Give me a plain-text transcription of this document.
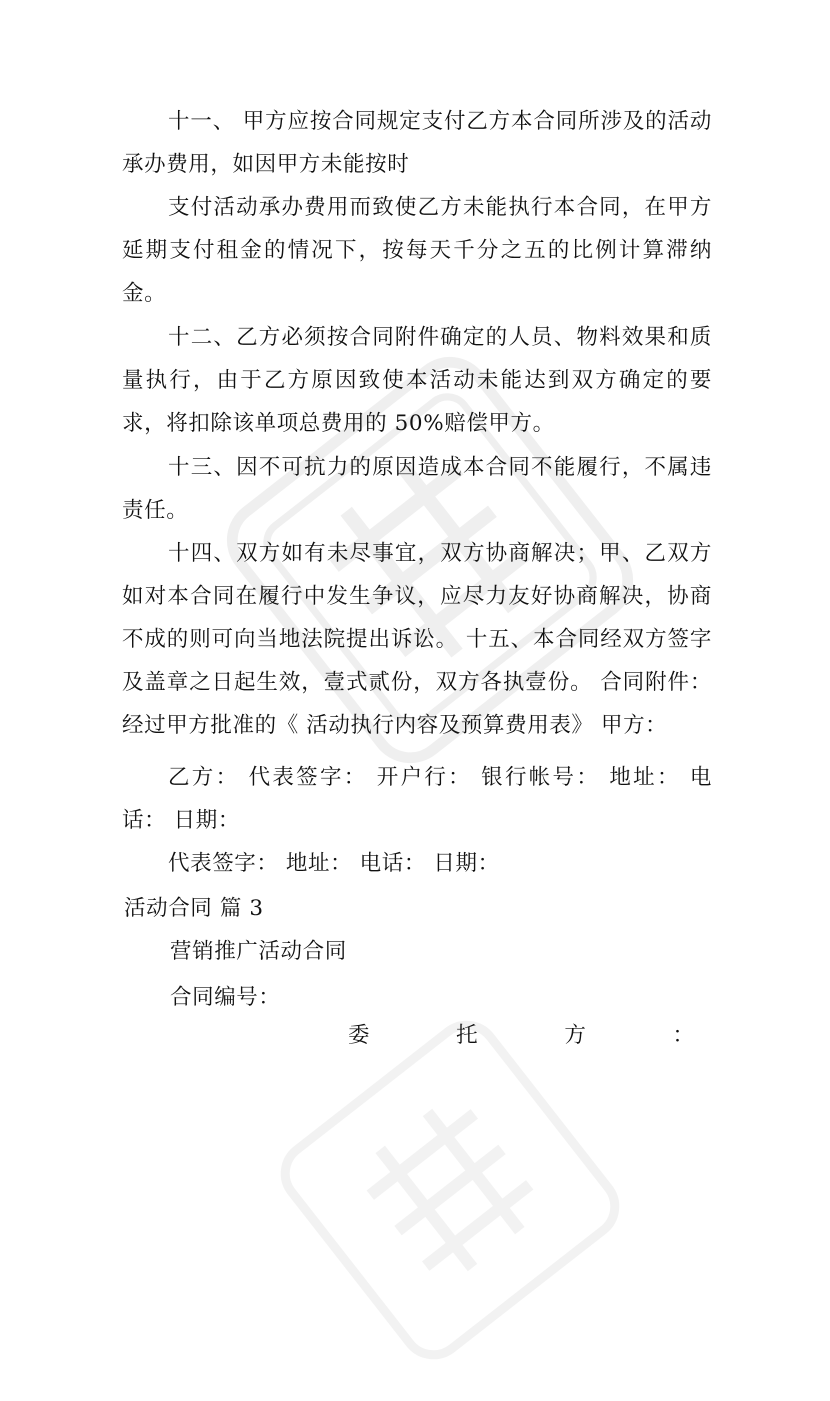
十一、 甲方应按合同规定支付乙方本合同所涉及的活动承办费用，如因甲方未能按时

支付活动承办费用而致使乙方未能执行本合同，在甲方延期支付租金的情况下，按每天千分之五的比例计算滞纳金。

十二、乙方必须按合同附件确定的人员、物料效果和质量执行，由于乙方原因致使本活动未能达到双方确定的要求，将扣除该单项总费用的 50%赔偿甲方。

十三、因不可抗力的原因造成本合同不能履行，不属违责任。

十四、双方如有未尽事宜，双方协商解决；甲、乙双方如对本合同在履行中发生争议，应尽力友好协商解决，协商不成的则可向当地法院提出诉讼。 十五、本合同经双方签字及盖章之日起生效，壹式贰份，双方各执壹份。 合同附件：经过甲方批准的《 活动执行内容及预算费用表》 甲方：

乙方： 代表签字： 开户行： 银行帐号： 地址： 电话： 日期：

代表签字： 地址： 电话： 日期：

活动合同 篇 3
营销推广活动合同
合同编号：
委	托	方	：
